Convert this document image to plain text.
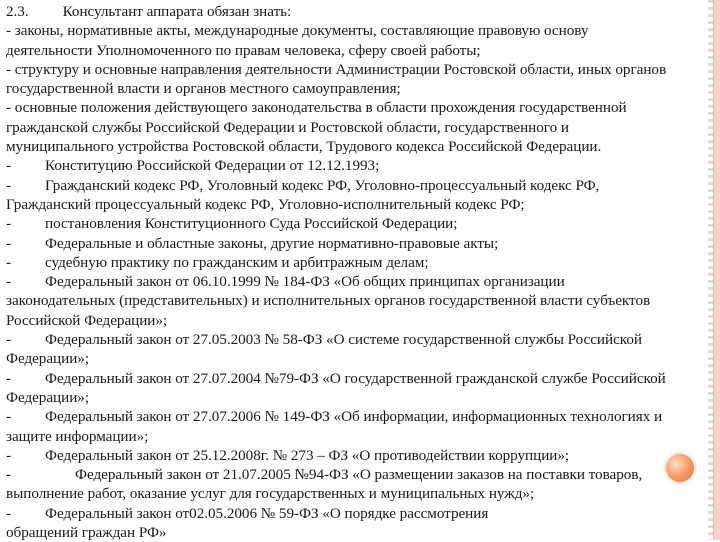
2.3. Консультант аппарата обязан знать:
- законы, нормативные акты, международные документы, составляющие правовую основу
деятельности Уполномоченного по правам человека, сферу своей работы;
- структуру и основные направления деятельности Администрации Ростовской области, иных органов
государственной власти и органов местного самоуправления;
- основные положения действующего законодательства в области прохождения государственной
гражданской службы Российской Федерации и Ростовской области, государственного и
муниципального устройства Ростовской области, Трудового кодекса Российской Федерации.
- Конституцию Российской Федерации от 12.12.1993;
- Гражданский кодекс РФ, Уголовный кодекс РФ, Уголовно-процессуальный кодекс РФ,
Гражданский процессуальный кодекс РФ, Уголовно-исполнительный кодекс РФ;
- постановления Конституционного Суда Российской Федерации;
- Федеральные и областные законы, другие нормативно-правовые акты;
- судебную практику по гражданским и арбитражным делам;
- Федеральный закон от 06.10.1999 № 184-ФЗ «Об общих принципах организации
законодательных (представительных) и исполнительных органов государственной власти субъектов
Российской Федерации»;
- Федеральный закон от 27.05.2003 № 58-ФЗ «О системе государственной службы Российской
Федерации»;
- Федеральный закон от 27.07.2004 №79-ФЗ «О государственной гражданской службе Российской
Федерации»;
- Федеральный закон от 27.07.2006 № 149-ФЗ «Об информации, информационных технологиях и
защите информации»;
- Федеральный закон от 25.12.2008г. № 273 – ФЗ «О противодействии коррупции»;
-	Федеральный закон от 21.07.2005 №94-ФЗ «О размещении заказов на поставки товаров,
выполнение работ, оказание услуг для государственных и муниципальных нужд»;
- Федеральный закон от02.05.2006 № 59-ФЗ «О порядке рассмотрения
обращений граждан РФ»
